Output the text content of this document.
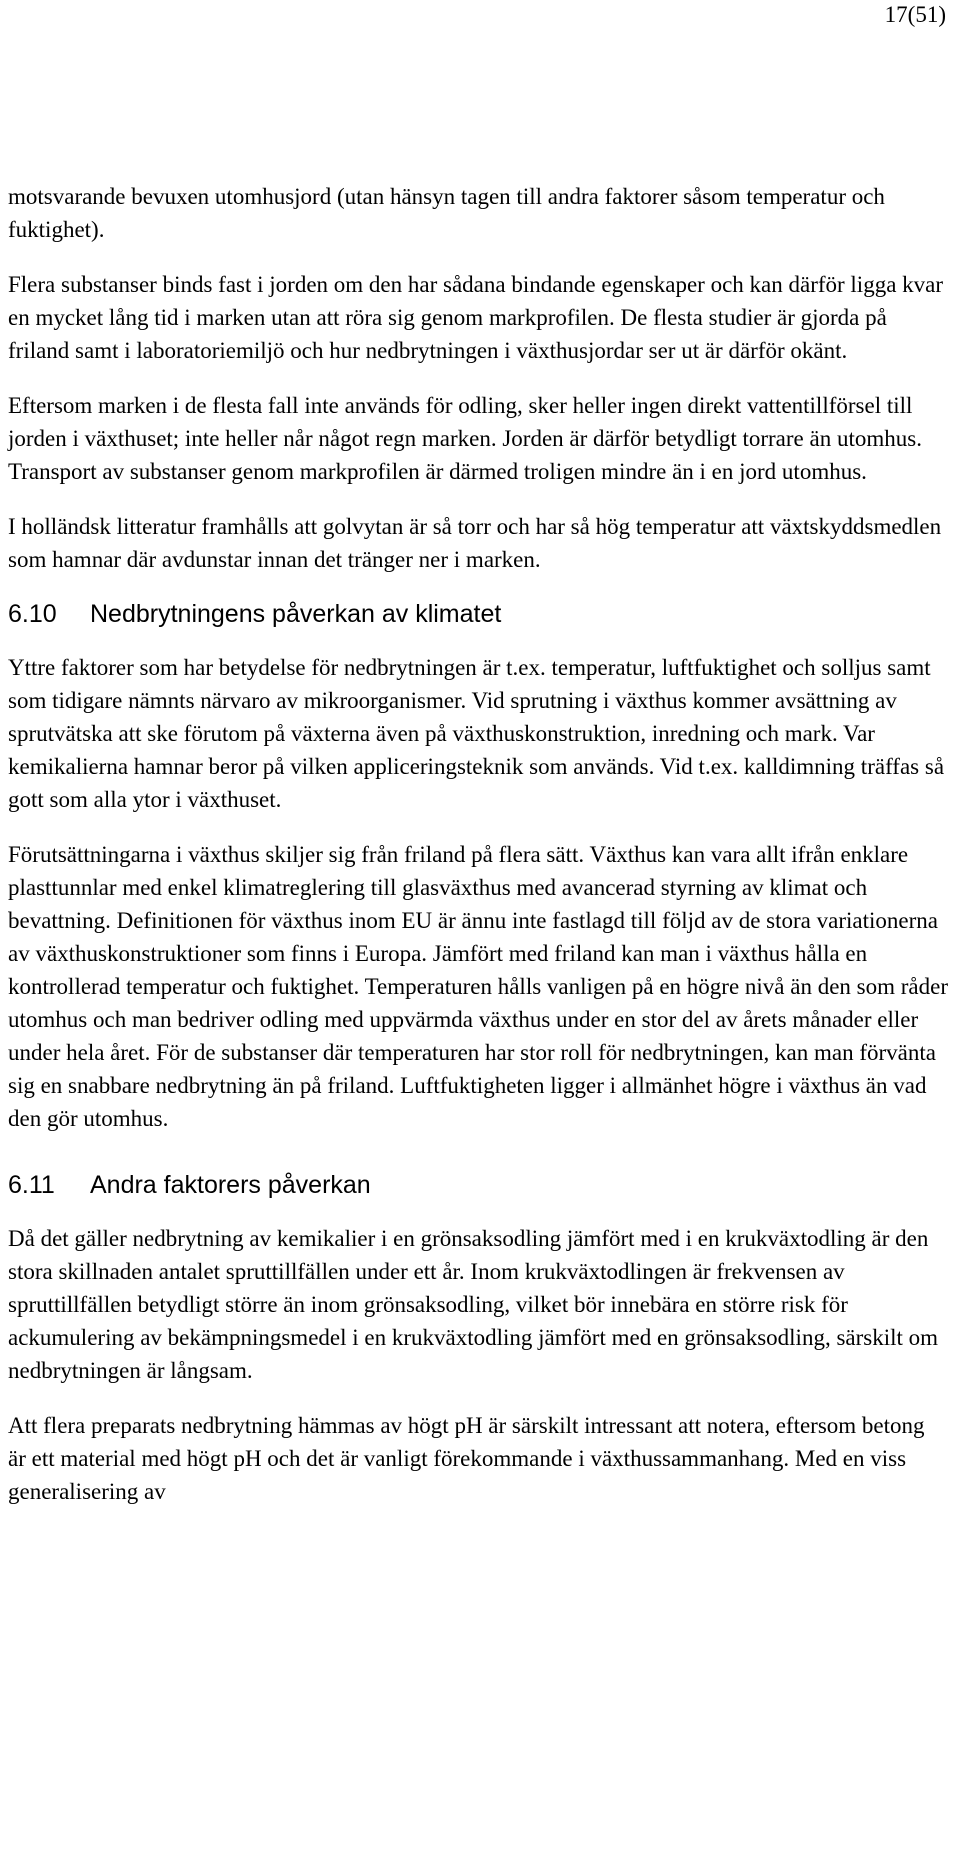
17(51)

motsvarande bevuxen utomhusjord (utan hänsyn tagen till andra faktorer såsom temperatur och fuktighet).

Flera substanser binds fast i jorden om den har sådana bindande egenskaper och kan därför ligga kvar en mycket lång tid i marken utan att röra sig genom markprofilen. De flesta studier är gjorda på friland samt i laboratoriemiljö och hur nedbrytningen i växthusjordar ser ut är därför okänt.

Eftersom marken i de flesta fall inte används för odling, sker heller ingen direkt vattentillförsel till jorden i växthuset; inte heller når något regn marken. Jorden är därför betydligt torrare än utomhus. Transport av substanser genom markprofilen är därmed troligen mindre än i en jord utomhus.

I holländsk litteratur framhålls att golvytan är så torr och har så hög temperatur att växtskyddsmedlen som hamnar där avdunstar innan det tränger ner i marken.

6.10 Nedbrytningens påverkan av klimatet

Yttre faktorer som har betydelse för nedbrytningen är t.ex. temperatur, luftfuktighet och solljus samt som tidigare nämnts närvaro av mikroorganismer. Vid sprutning i växthus kommer avsättning av sprutvätska att ske förutom på växterna även på växthuskonstruktion, inredning och mark. Var kemikalierna hamnar beror på vilken appliceringsteknik som används. Vid t.ex. kalldimning träffas så gott som alla ytor i växthuset.

Förutsättningarna i växthus skiljer sig från friland på flera sätt. Växthus kan vara allt ifrån enklare plasttunnlar med enkel klimatreglering till glasväxthus med avancerad styrning av klimat och bevattning. Definitionen för växthus inom EU är ännu inte fastlagd till följd av de stora variationerna av växthuskonstruktioner som finns i Europa. Jämfört med friland kan man i växthus hålla en kontrollerad temperatur och fuktighet. Temperaturen hålls vanligen på en högre nivå än den som råder utomhus och man bedriver odling med uppvärmda växthus under en stor del av årets månader eller under hela året. För de substanser där temperaturen har stor roll för nedbrytningen, kan man förvänta sig en snabbare nedbrytning än på friland. Luftfuktigheten ligger i allmänhet högre i växthus än vad den gör utomhus.

6.11 Andra faktorers påverkan

Då det gäller nedbrytning av kemikalier i en grönsaksodling jämfört med i en krukväxtodling är den stora skillnaden antalet spruttillfällen under ett år. Inom krukväxtodlingen är frekvensen av spruttillfällen betydligt större än inom grönsaksodling, vilket bör innebära en större risk för ackumulering av bekämpningsmedel i en krukväxtodling jämfört med en grönsaksodling, särskilt om nedbrytningen är långsam.

Att flera preparats nedbrytning hämmas av högt pH är särskilt intressant att notera, eftersom betong är ett material med högt pH och det är vanligt förekommande i växthussammanhang. Med en viss generalisering av
